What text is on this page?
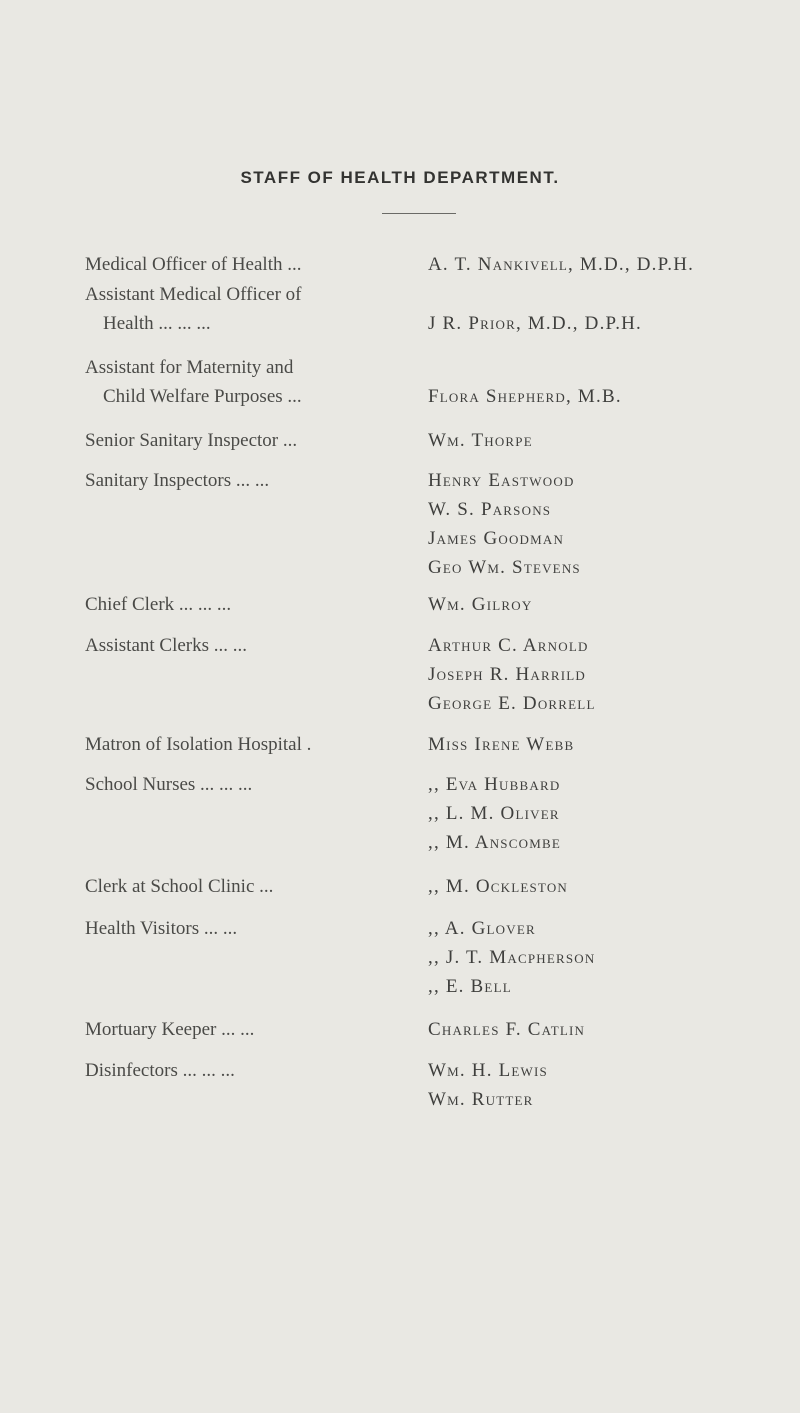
STAFF OF HEALTH DEPARTMENT.
Medical Officer of Health ...	A. T. Nankivell, M.D., D.P.H.
Assistant Medical Officer of
Health ... ... ...	J R. Prior, M.D., D.P.H.
Assistant for Maternity and
Child Welfare Purposes ...	Flora Shepherd, M.B.
Senior Sanitary Inspector ...	Wm. Thorpe
Sanitary Inspectors ... ...	Henry Eastwood
W. S. Parsons
James Goodman
Geo Wm. Stevens
Chief Clerk ... ... ...	Wm. Gilroy
Assistant Clerks ... ...	Arthur C. Arnold
Joseph R. Harrild
George E. Dorrell
Matron of Isolation Hospital .	Miss Irene Webb
School Nurses ... ... ...	,, Eva Hubbard
,, L. M. Oliver
,, M. Anscombe
Clerk at School Clinic ...	,, M. Ockleston
Health Visitors ... ...	,, A. Glover
,, J. T. Macpherson
,, E. Bell
Mortuary Keeper ... ...	Charles F. Catlin
Disinfectors ... ... ...	Wm. H. Lewis
Wm. Rutter
